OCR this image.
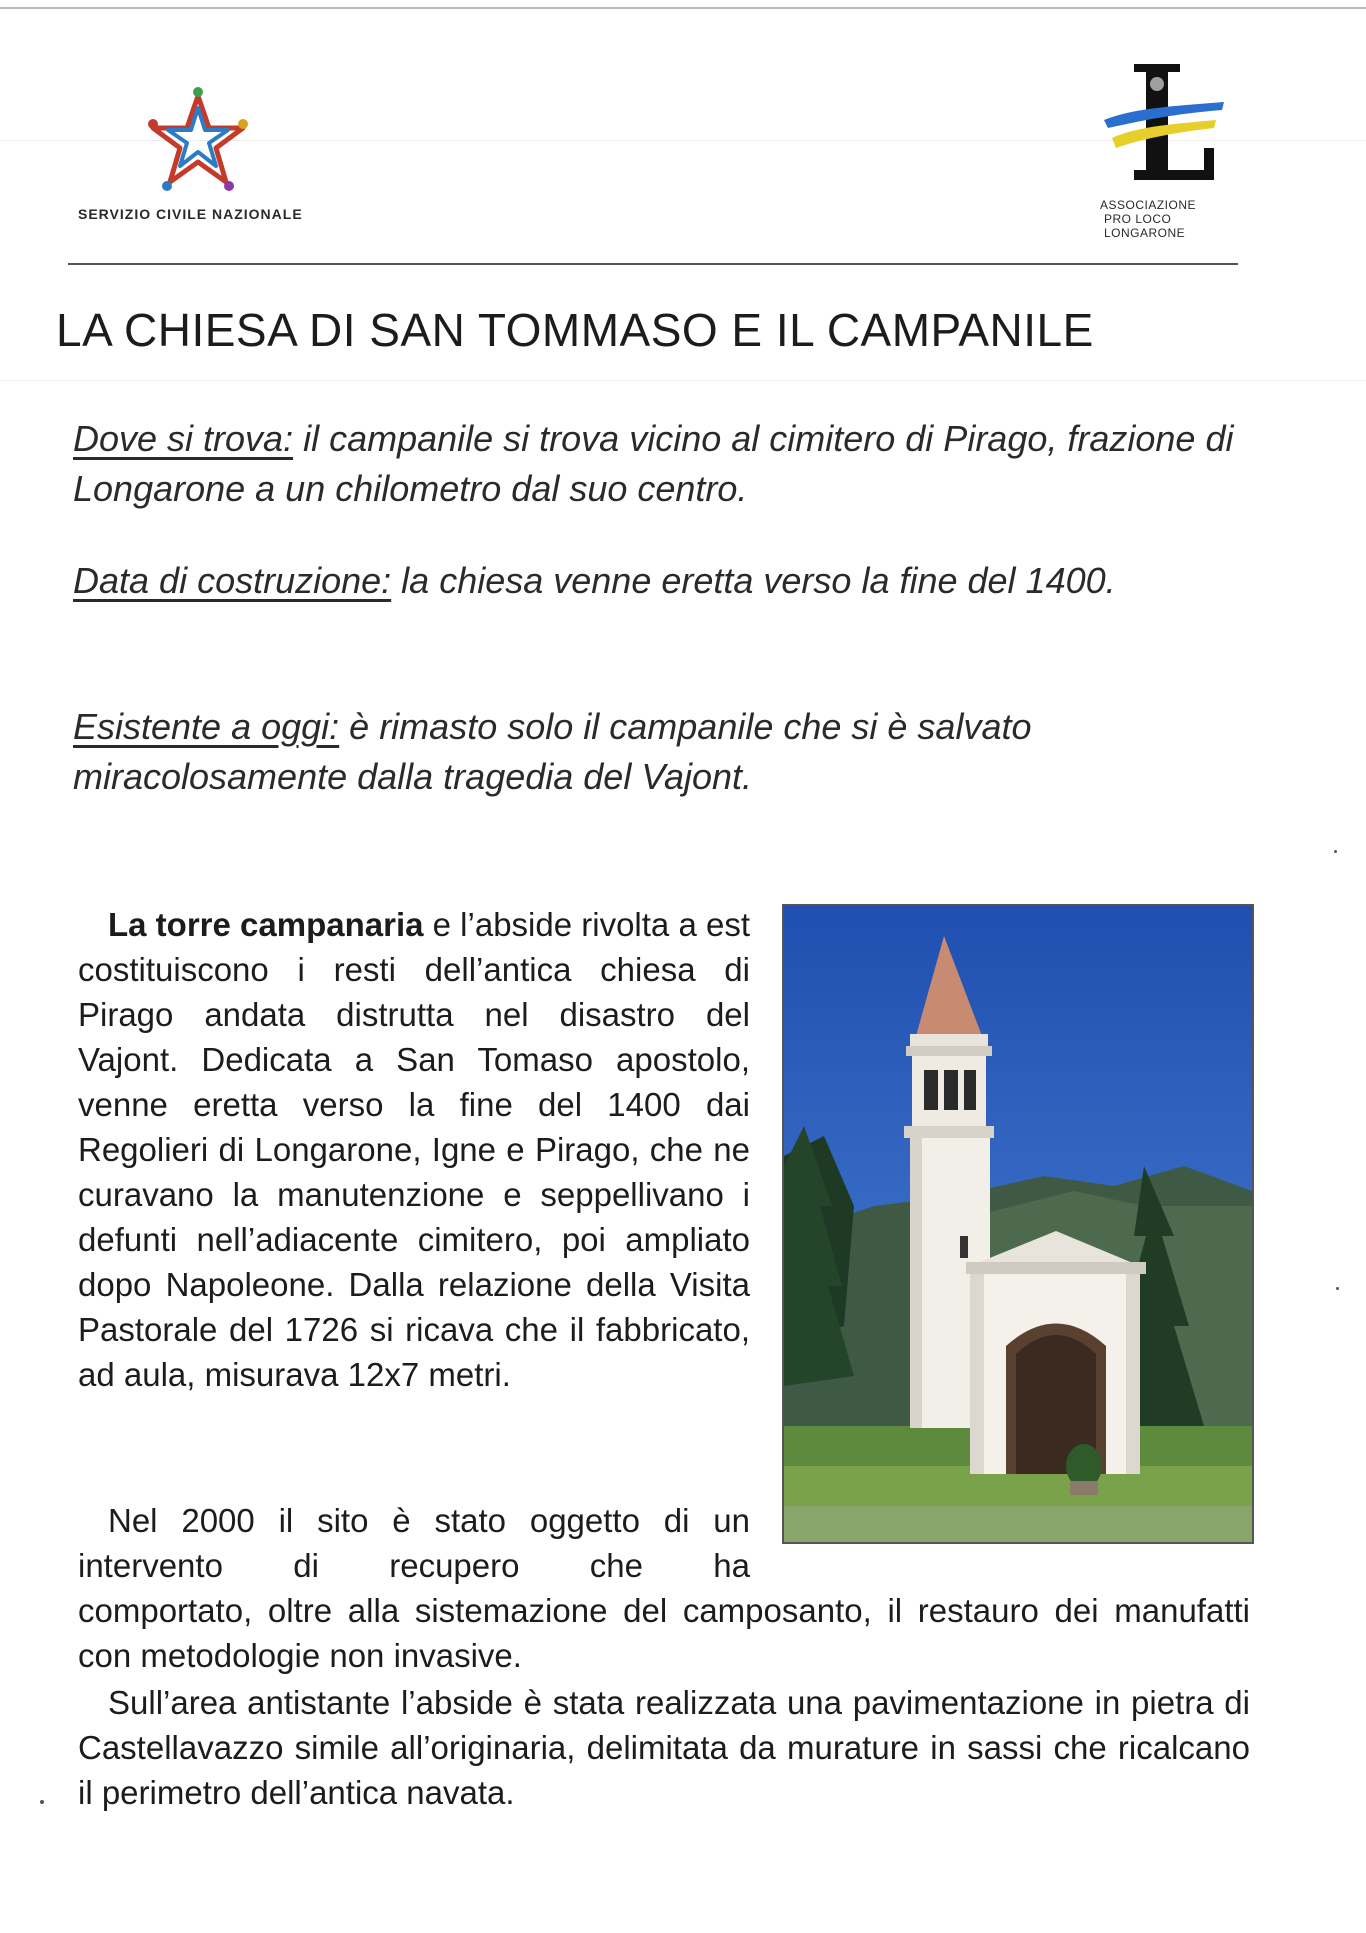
SERVIZIO CIVILE NAZIONALE
ASSOCIAZIONE
PRO LOCO
LONGARONE
LA CHIESA DI SAN TOMMASO E IL CAMPANILE

Dove si trova: il campanile si trova vicino al cimitero di Pirago, frazione di Longarone a un chilometro dal suo centro.

Data di costruzione: la chiesa venne eretta verso la fine del 1400.

Esistente a oggi: è rimasto solo il campanile che si è salvato miracolosamente dalla tragedia del Vajont.

La torre campanaria e l’abside rivolta a est costituiscono i resti dell’antica chiesa di Pirago andata distrutta nel disastro del Vajont. Dedicata a San Tomaso apostolo, venne eretta verso la fine del 1400 dai Regolieri di Longarone, Igne e Pirago, che ne curavano la manutenzione e seppellivano i defunti nell’adiacente cimitero, poi ampliato dopo Napoleone. Dalla relazione della Visita Pastorale del 1726 si ricava che il fabbricato, ad aula, misurava 12x7 metri.

Nel 2000 il sito è stato oggetto di un intervento di recupero che ha
comportato, oltre alla sistemazione del camposanto, il restauro dei manufatti con metodologie non invasive.

Sull’area antistante l’abside è stata realizzata una pavimentazione in pietra di Castellavazzo simile all’originaria, delimitata da murature in sassi che ricalcano il perimetro dell’antica navata.
